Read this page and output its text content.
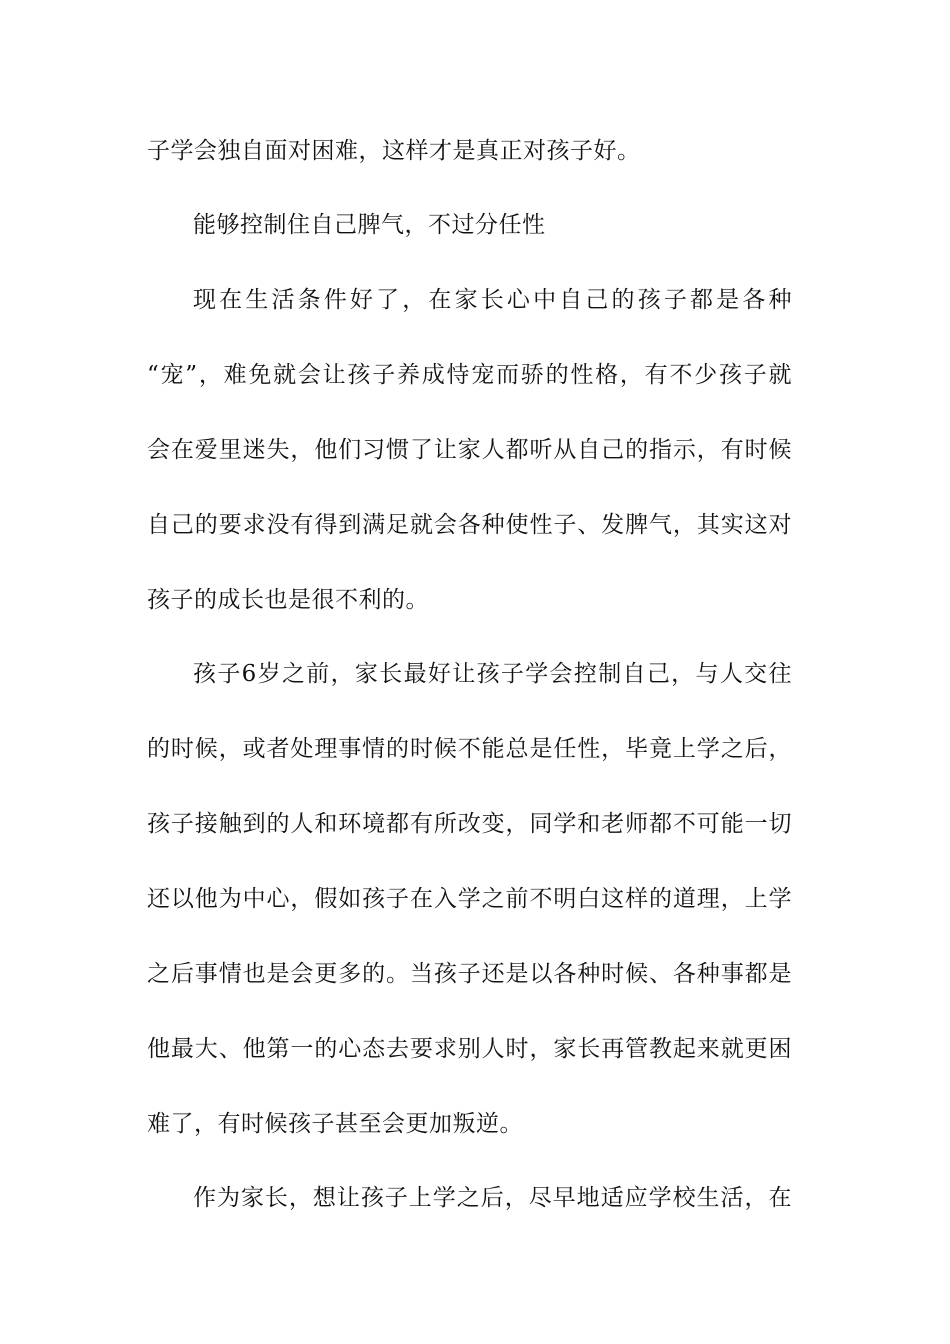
子学会独自面对困难，这样才是真正对孩子好。
能够控制住自己脾气，不过分任性
现在生活条件好了，在家长心中自己的孩子都是各种
“宠”，难免就会让孩子养成恃宠而骄的性格，有不少孩子就
会在爱里迷失，他们习惯了让家人都听从自己的指示，有时候
自己的要求没有得到满足就会各种使性子、发脾气，其实这对
孩子的成长也是很不利的。
孩子6岁之前，家长最好让孩子学会控制自己，与人交往
的时候，或者处理事情的时候不能总是任性，毕竟上学之后，
孩子接触到的人和环境都有所改变，同学和老师都不可能一切
还以他为中心，假如孩子在入学之前不明白这样的道理，上学
之后事情也是会更多的。当孩子还是以各种时候、各种事都是
他最大、他第一的心态去要求别人时，家长再管教起来就更困
难了，有时候孩子甚至会更加叛逆。
作为家长，想让孩子上学之后，尽早地适应学校生活，在
